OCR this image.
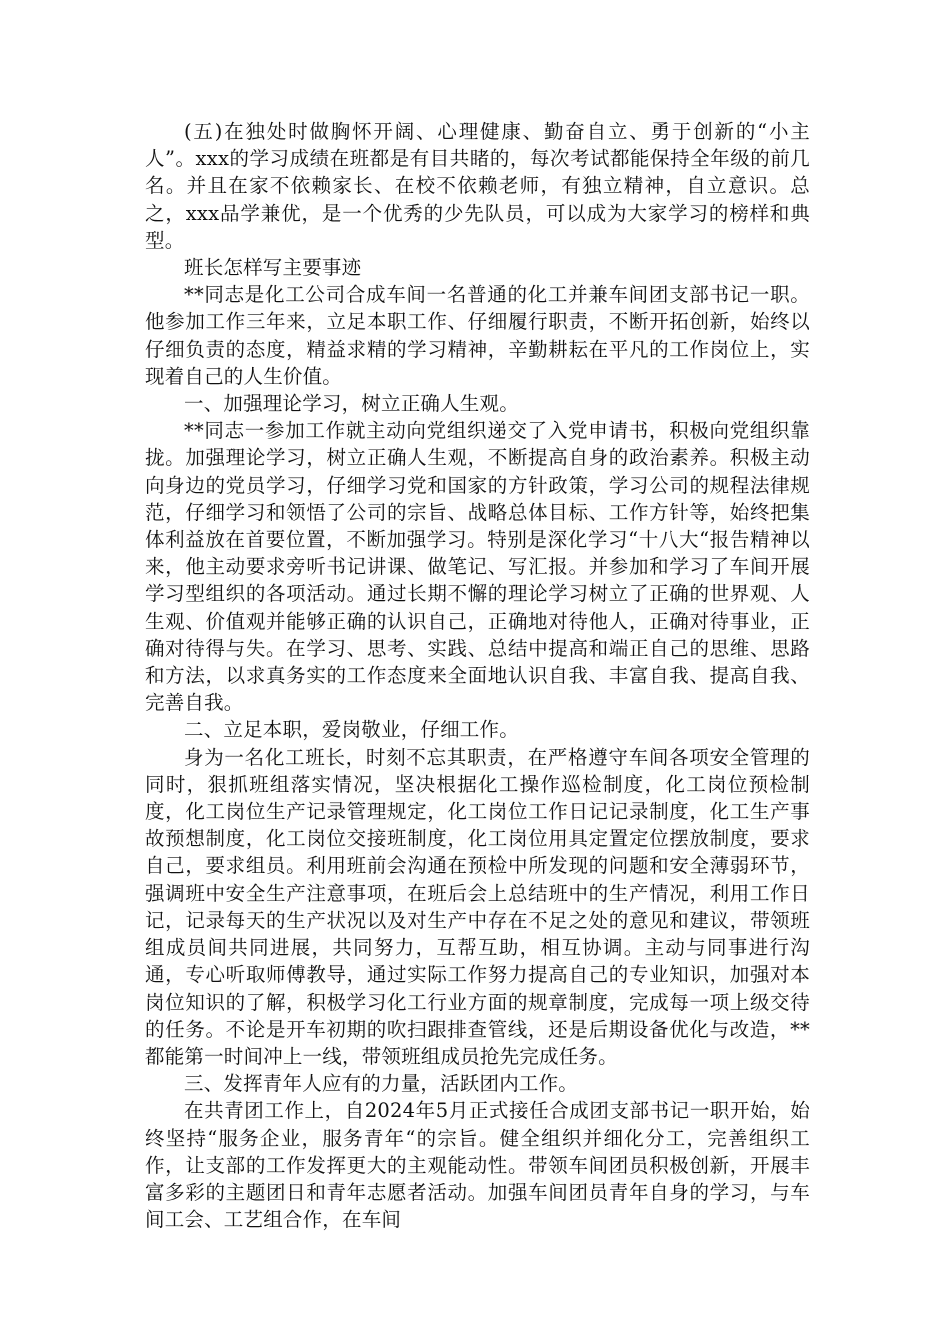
(五)在独处时做胸怀开阔、心理健康、勤奋自立、勇于创新的“小主人”。xxx的学习成绩在班都是有目共睹的，每次考试都能保持全年级的前几名。并且在家不依赖家长、在校不依赖老师，有独立精神，自立意识。总之，xxx品学兼优，是一个优秀的少先队员，可以成为大家学习的榜样和典型。

班长怎样写主要事迹

**同志是化工公司合成车间一名普通的化工并兼车间团支部书记一职。他参加工作三年来，立足本职工作、仔细履行职责，不断开拓创新，始终以仔细负责的态度，精益求精的学习精神，辛勤耕耘在平凡的工作岗位上，实现着自己的人生价值。

一、加强理论学习，树立正确人生观。

**同志一参加工作就主动向党组织递交了入党申请书，积极向党组织靠拢。加强理论学习，树立正确人生观，不断提高自身的政治素养。积极主动向身边的党员学习，仔细学习党和国家的方针政策，学习公司的规程法律规范，仔细学习和领悟了公司的宗旨、战略总体目标、工作方针等，始终把集体利益放在首要位置，不断加强学习。特别是深化学习“十八大“报告精神以来，他主动要求旁听书记讲课、做笔记、写汇报。并参加和学习了车间开展学习型组织的各项活动。通过长期不懈的理论学习树立了正确的世界观、人生观、价值观并能够正确的认识自己，正确地对待他人，正确对待事业，正确对待得与失。在学习、思考、实践、总结中提高和端正自己的思维、思路和方法，以求真务实的工作态度来全面地认识自我、丰富自我、提高自我、完善自我。

二、立足本职，爱岗敬业，仔细工作。

身为一名化工班长，时刻不忘其职责，在严格遵守车间各项安全管理的同时，狠抓班组落实情况，坚决根据化工操作巡检制度，化工岗位预检制度，化工岗位生产记录管理规定，化工岗位工作日记记录制度，化工生产事故预想制度，化工岗位交接班制度，化工岗位用具定置定位摆放制度，要求自己，要求组员。利用班前会沟通在预检中所发现的问题和安全薄弱环节，强调班中安全生产注意事项，在班后会上总结班中的生产情况，利用工作日记，记录每天的生产状况以及对生产中存在不足之处的意见和建议，带领班组成员间共同进展，共同努力，互帮互助，相互协调。主动与同事进行沟通，专心听取师傅教导，通过实际工作努力提高自己的专业知识，加强对本岗位知识的了解，积极学习化工行业方面的规章制度，完成每一项上级交待的任务。不论是开车初期的吹扫跟排查管线，还是后期设备优化与改造，**都能第一时间冲上一线，带领班组成员抢先完成任务。

三、发挥青年人应有的力量，活跃团内工作。

在共青团工作上，自2024年5月正式接任合成团支部书记一职开始，始终坚持“服务企业，服务青年“的宗旨。健全组织并细化分工，完善组织工作，让支部的工作发挥更大的主观能动性。带领车间团员积极创新，开展丰富多彩的主题团日和青年志愿者活动。加强车间团员青年自身的学习，与车间工会、工艺组合作，在车间
